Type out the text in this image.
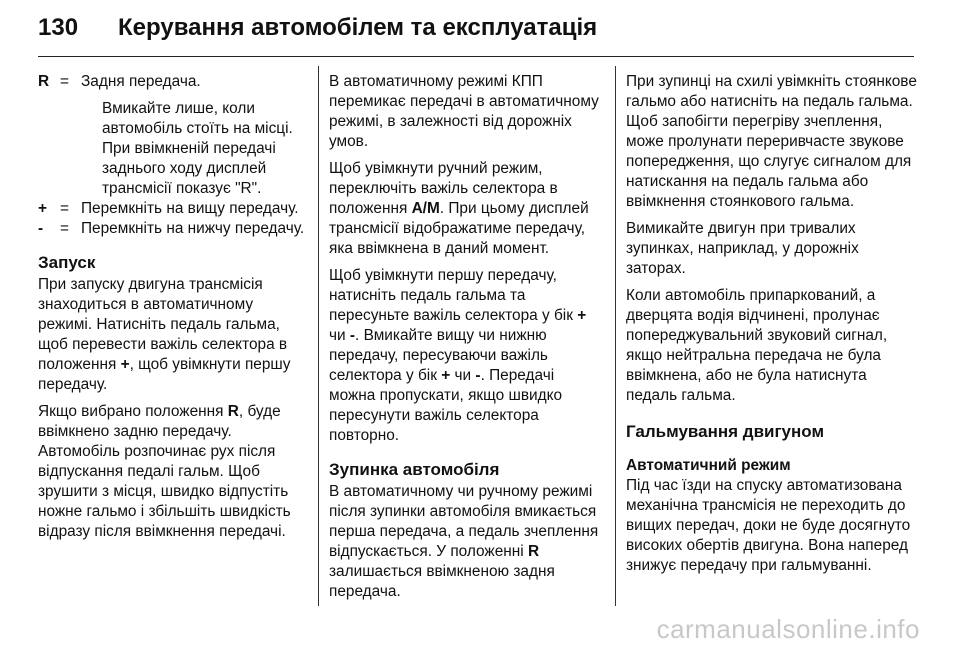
130 Керування автомобілем та експлуатація
R = Задня передача.

Вмикайте лише, коли автомобіль стоїть на місці. При ввімкненій передачі заднього ходу дисплей трансмісії показує "R".

+ = Перемкніть на вищу передачу.
-	= Перемкніть на нижчу передачу.
Запуск

При запуску двигуна трансмісія знаходиться в автоматичному режимі. Натисніть педаль гальма, щоб перевести важіль селектора в положення +, щоб увімкнути першу передачу.

Якщо вибрано положення R, буде ввімкнено задню передачу. Автомобіль розпочинає рух після відпускання педалі гальм. Щоб зрушити з місця, швидко відпустіть ножне гальмо і збільшіть швидкість відразу після ввімкнення передачі.

В автоматичному режимі КПП перемикає передачі в автоматичному режимі, в залежності від дорожніх умов.

Щоб увімкнути ручний режим, переключіть важіль селектора в положення A/M. При цьому дисплей трансмісії відображатиме передачу, яка ввімкнена в даний момент.

Щоб увімкнути першу передачу, натисніть педаль гальма та пересуньте важіль селектора у бік + чи -. Вмикайте вищу чи нижню передачу, пересуваючи важіль селектора у бік + чи -. Передачі можна пропускати, якщо швидко пересунути важіль селектора повторно.

Зупинка автомобіля

В автоматичному чи ручному режимі після зупинки автомобіля вмикається перша передача, а педаль зчеплення відпускається. У положенні R залишається ввімкненою задня передача.

При зупинці на схилі увімкніть стоянкове гальмо або натисніть на педаль гальма. Щоб запобігти перегріву зчеплення, може пролунати переривчасте звукове попередження, що слугує сигналом для натискання на педаль гальма або ввімкнення стоянкового гальма.

Вимикайте двигун при тривалих зупинках, наприклад, у дорожніх заторах.

Коли автомобіль припаркований, а дверцята водія відчинені, пролунає попереджувальний звуковий сигнал, якщо нейтральна передача не була ввімкнена, або не була натиснута педаль гальма.

Гальмування двигуном
Автоматичний режим

Під час їзди на спуску автоматизована механічна трансмісія не переходить до вищих передач, доки не буде досягнуто високих обертів двигуна. Вона наперед знижує передачу при гальмуванні.

carmanualsonline.info
